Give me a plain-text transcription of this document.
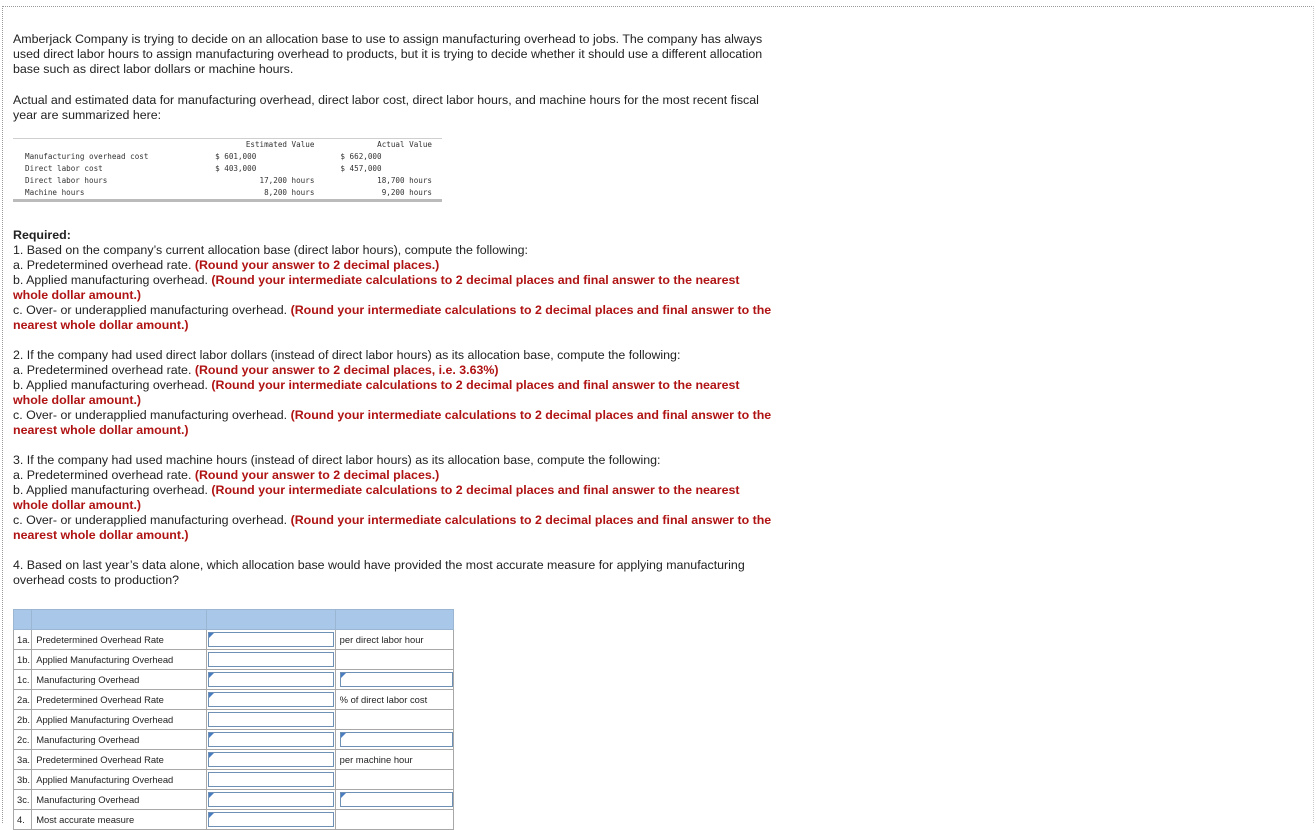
Amberjack Company is trying to decide on an allocation base to use to assign manufacturing overhead to jobs. The company has always used direct labor hours to assign manufacturing overhead to products, but it is trying to decide whether it should use a different allocation base such as direct labor dollars or machine hours.

Actual and estimated data for manufacturing overhead, direct labor cost, direct labor hours, and machine hours for the most recent fiscal year are summarized here:

	Estimated Value	Actual Value
Manufacturing overhead cost	$ 601,000	$ 662,000
Direct labor cost	$ 403,000	$ 457,000
Direct labor hours	17,200 hours	18,700 hours
Machine hours	8,200 hours	9,200 hours

Required:
1. Based on the company’s current allocation base (direct labor hours), compute the following:
a. Predetermined overhead rate. (Round your answer to 2 decimal places.)
b. Applied manufacturing overhead. (Round your intermediate calculations to 2 decimal places and final answer to the nearest whole dollar amount.)
c. Over- or underapplied manufacturing overhead. (Round your intermediate calculations to 2 decimal places and final answer to the nearest whole dollar amount.)

2. If the company had used direct labor dollars (instead of direct labor hours) as its allocation base, compute the following:
a. Predetermined overhead rate. (Round your answer to 2 decimal places, i.e. 3.63%)
b. Applied manufacturing overhead. (Round your intermediate calculations to 2 decimal places and final answer to the nearest whole dollar amount.)
c. Over- or underapplied manufacturing overhead. (Round your intermediate calculations to 2 decimal places and final answer to the nearest whole dollar amount.)

3. If the company had used machine hours (instead of direct labor hours) as its allocation base, compute the following:
a. Predetermined overhead rate. (Round your answer to 2 decimal places.)
b. Applied manufacturing overhead. (Round your intermediate calculations to 2 decimal places and final answer to the nearest whole dollar amount.)
c. Over- or underapplied manufacturing overhead. (Round your intermediate calculations to 2 decimal places and final answer to the nearest whole dollar amount.)

4. Based on last year’s data alone, which allocation base would have provided the most accurate measure for applying manufacturing overhead costs to production?

1a.	Predetermined Overhead Rate		per direct labor hour
1b.	Applied Manufacturing Overhead	

1c.	Manufacturing Overhead	

2a.	Predetermined Overhead Rate		% of direct labor cost
2b.	Applied Manufacturing Overhead	

2c.	Manufacturing Overhead	

3a.	Predetermined Overhead Rate		per machine hour
3b.	Applied Manufacturing Overhead	

3c.	Manufacturing Overhead	

4.	Most accurate measure	
